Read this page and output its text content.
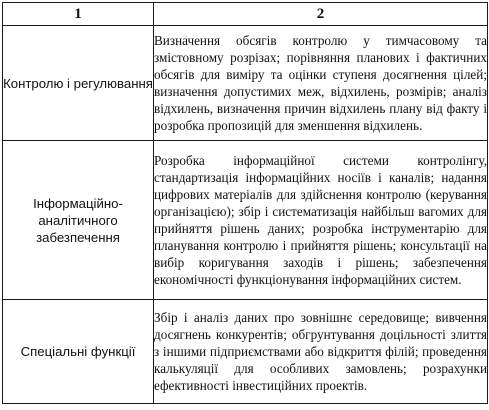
1	2
Контролю і регулювання	Визначення обсягів контролю у тимчасовому та змістовному розрізах; порівняння планових і фактичних обсягів для виміру та оцінки ступеня досягнення цілей; визначення допустимих меж, відхилень, розмірів; аналіз відхилень, визначення причин відхилень плану від факту і розробка пропозицій для зменшення відхилень.

Інформаційно-аналітичного забезпечення	Розробка інформаційної системи контролінгу, стандартизація інформаційних носіїв і каналів; надання цифрових матеріалів для здійснення контролю (керування організацією); збір і систематизація найбільш вагомих для прийняття рішень даних; розробка інструментарію для планування контролю і прийняття рішень; консультації на вибір коригування заходів і рішень; забезпечення економічності функціонування інформаційних систем.

Спеціальні функції	Збір і аналіз даних про зовнішнє середовище; вивчення досягнень конкурентів; обгрунтування доцільності злиття з іншими підприємствами або відкриття філій; проведення калькуляції для особливих замовлень; розрахунки ефективності інвестиційних проектів.
